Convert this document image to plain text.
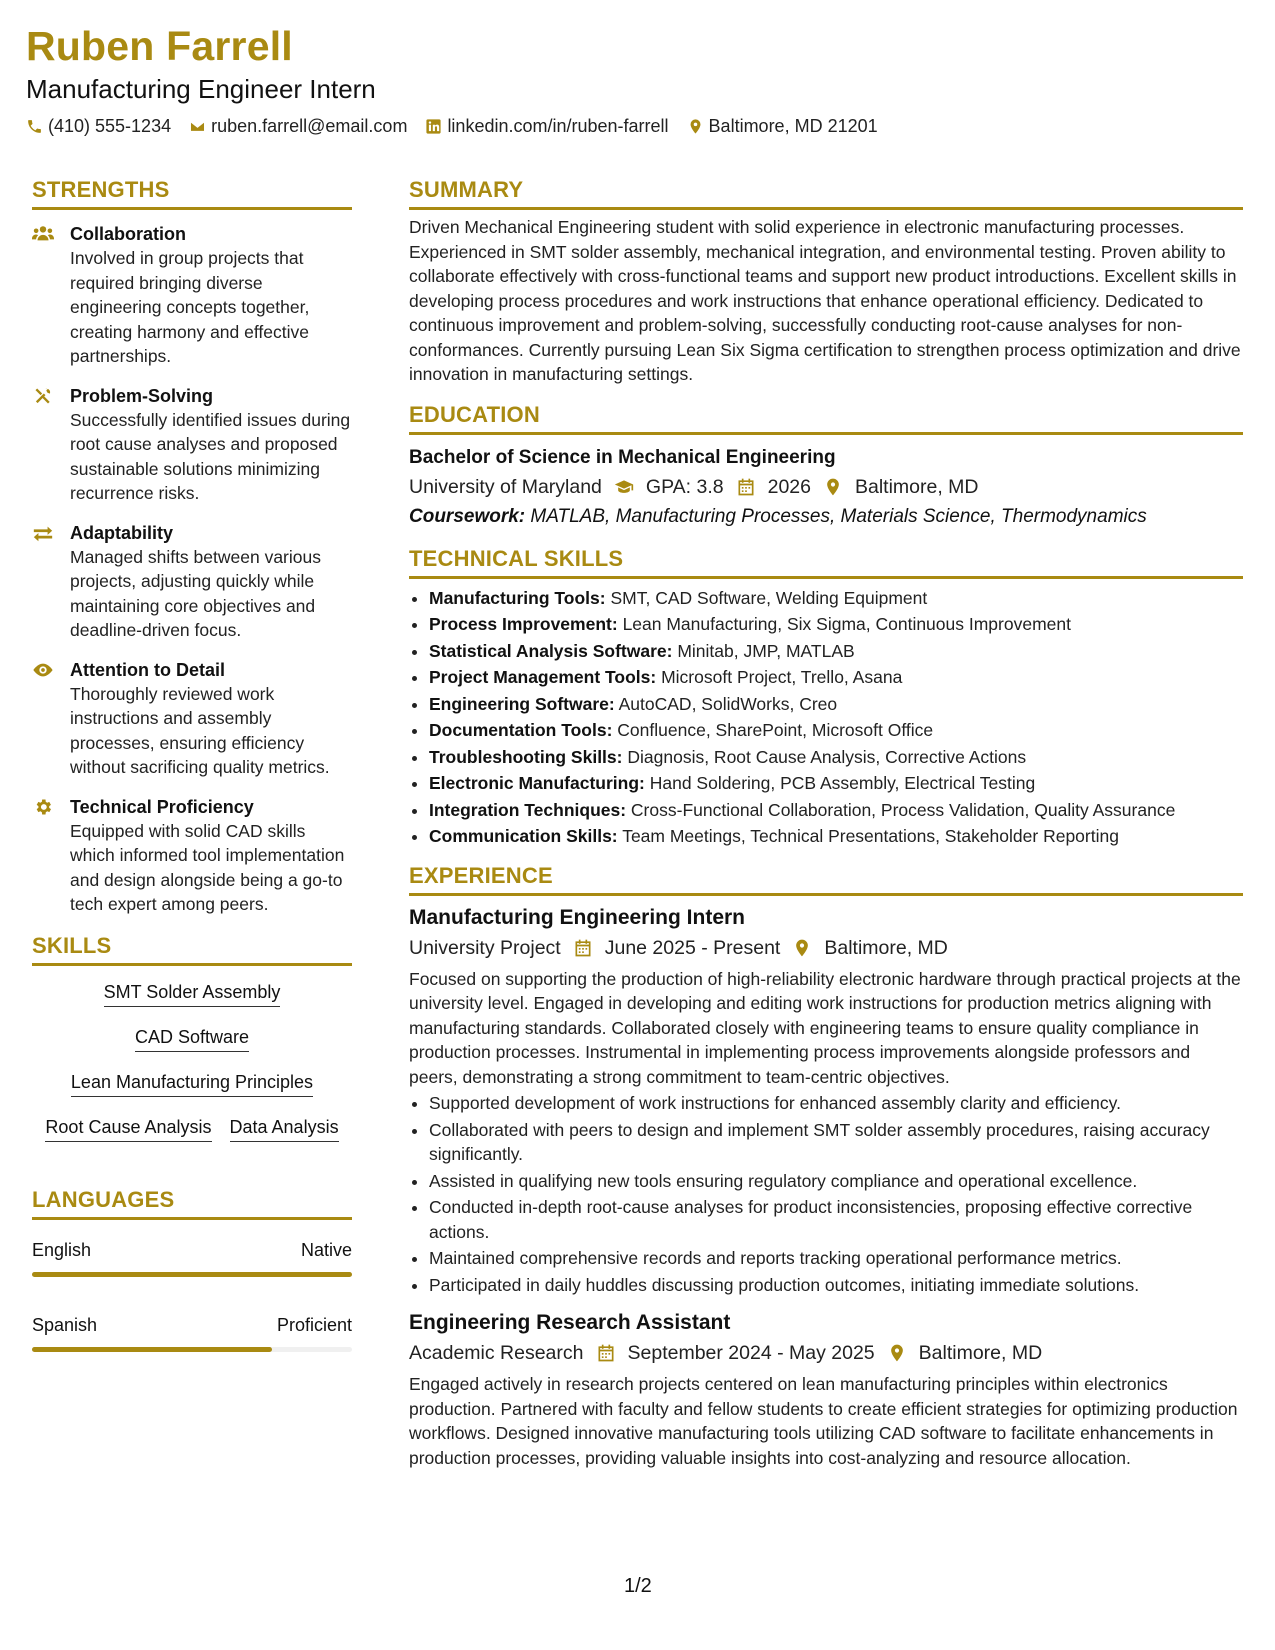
Ruben Farrell
Manufacturing Engineer Intern
(410) 555-1234 ruben.farrell@email.com linkedin.com/in/ruben-farrell Baltimore, MD 21201
STRENGTHS
Collaboration
Involved in group projects that required bringing diverse engineering concepts together, creating harmony and effective partnerships.
Problem-Solving
Successfully identified issues during root cause analyses and proposed sustainable solutions minimizing recurrence risks.
Adaptability
Managed shifts between various projects, adjusting quickly while maintaining core objectives and deadline-driven focus.
Attention to Detail
Thoroughly reviewed work instructions and assembly processes, ensuring efficiency without sacrificing quality metrics.
Technical Proficiency
Equipped with solid CAD skills which informed tool implementation and design alongside being a go-to tech expert among peers.
SKILLS
SMT Solder Assembly
CAD Software
Lean Manufacturing Principles
Root Cause Analysis Data Analysis
LANGUAGES
English	Native
Spanish	Proficient
SUMMARY
Driven Mechanical Engineering student with solid experience in electronic manufacturing processes. Experienced in SMT solder assembly, mechanical integration, and environmental testing. Proven ability to collaborate effectively with cross-functional teams and support new product introductions. Excellent skills in developing process procedures and work instructions that enhance operational efficiency. Dedicated to continuous improvement and problem-solving, successfully conducting root-cause analyses for non-conformances. Currently pursuing Lean Six Sigma certification to strengthen process optimization and drive innovation in manufacturing settings.
EDUCATION
Bachelor of Science in Mechanical Engineering
University of Maryland GPA: 3.8 2026 Baltimore, MD
Coursework: MATLAB, Manufacturing Processes, Materials Science, Thermodynamics
TECHNICAL SKILLS
• Manufacturing Tools: SMT, CAD Software, Welding Equipment
• Process Improvement: Lean Manufacturing, Six Sigma, Continuous Improvement
• Statistical Analysis Software: Minitab, JMP, MATLAB
• Project Management Tools: Microsoft Project, Trello, Asana
• Engineering Software: AutoCAD, SolidWorks, Creo
• Documentation Tools: Confluence, SharePoint, Microsoft Office
• Troubleshooting Skills: Diagnosis, Root Cause Analysis, Corrective Actions
• Electronic Manufacturing: Hand Soldering, PCB Assembly, Electrical Testing
• Integration Techniques: Cross-Functional Collaboration, Process Validation, Quality Assurance
• Communication Skills: Team Meetings, Technical Presentations, Stakeholder Reporting
EXPERIENCE
Manufacturing Engineering Intern
University Project June 2025 - Present Baltimore, MD
Focused on supporting the production of high-reliability electronic hardware through practical projects at the university level. Engaged in developing and editing work instructions for production metrics aligning with manufacturing standards. Collaborated closely with engineering teams to ensure quality compliance in production processes. Instrumental in implementing process improvements alongside professors and peers, demonstrating a strong commitment to team-centric objectives.
• Supported development of work instructions for enhanced assembly clarity and efficiency.
• Collaborated with peers to design and implement SMT solder assembly procedures, raising accuracy significantly.
• Assisted in qualifying new tools ensuring regulatory compliance and operational excellence.
• Conducted in-depth root-cause analyses for product inconsistencies, proposing effective corrective actions.
• Maintained comprehensive records and reports tracking operational performance metrics.
• Participated in daily huddles discussing production outcomes, initiating immediate solutions.
Engineering Research Assistant
Academic Research September 2024 - May 2025 Baltimore, MD
Engaged actively in research projects centered on lean manufacturing principles within electronics production. Partnered with faculty and fellow students to create efficient strategies for optimizing production workflows. Designed innovative manufacturing tools utilizing CAD software to facilitate enhancements in production processes, providing valuable insights into cost-analyzing and resource allocation.
1/2
